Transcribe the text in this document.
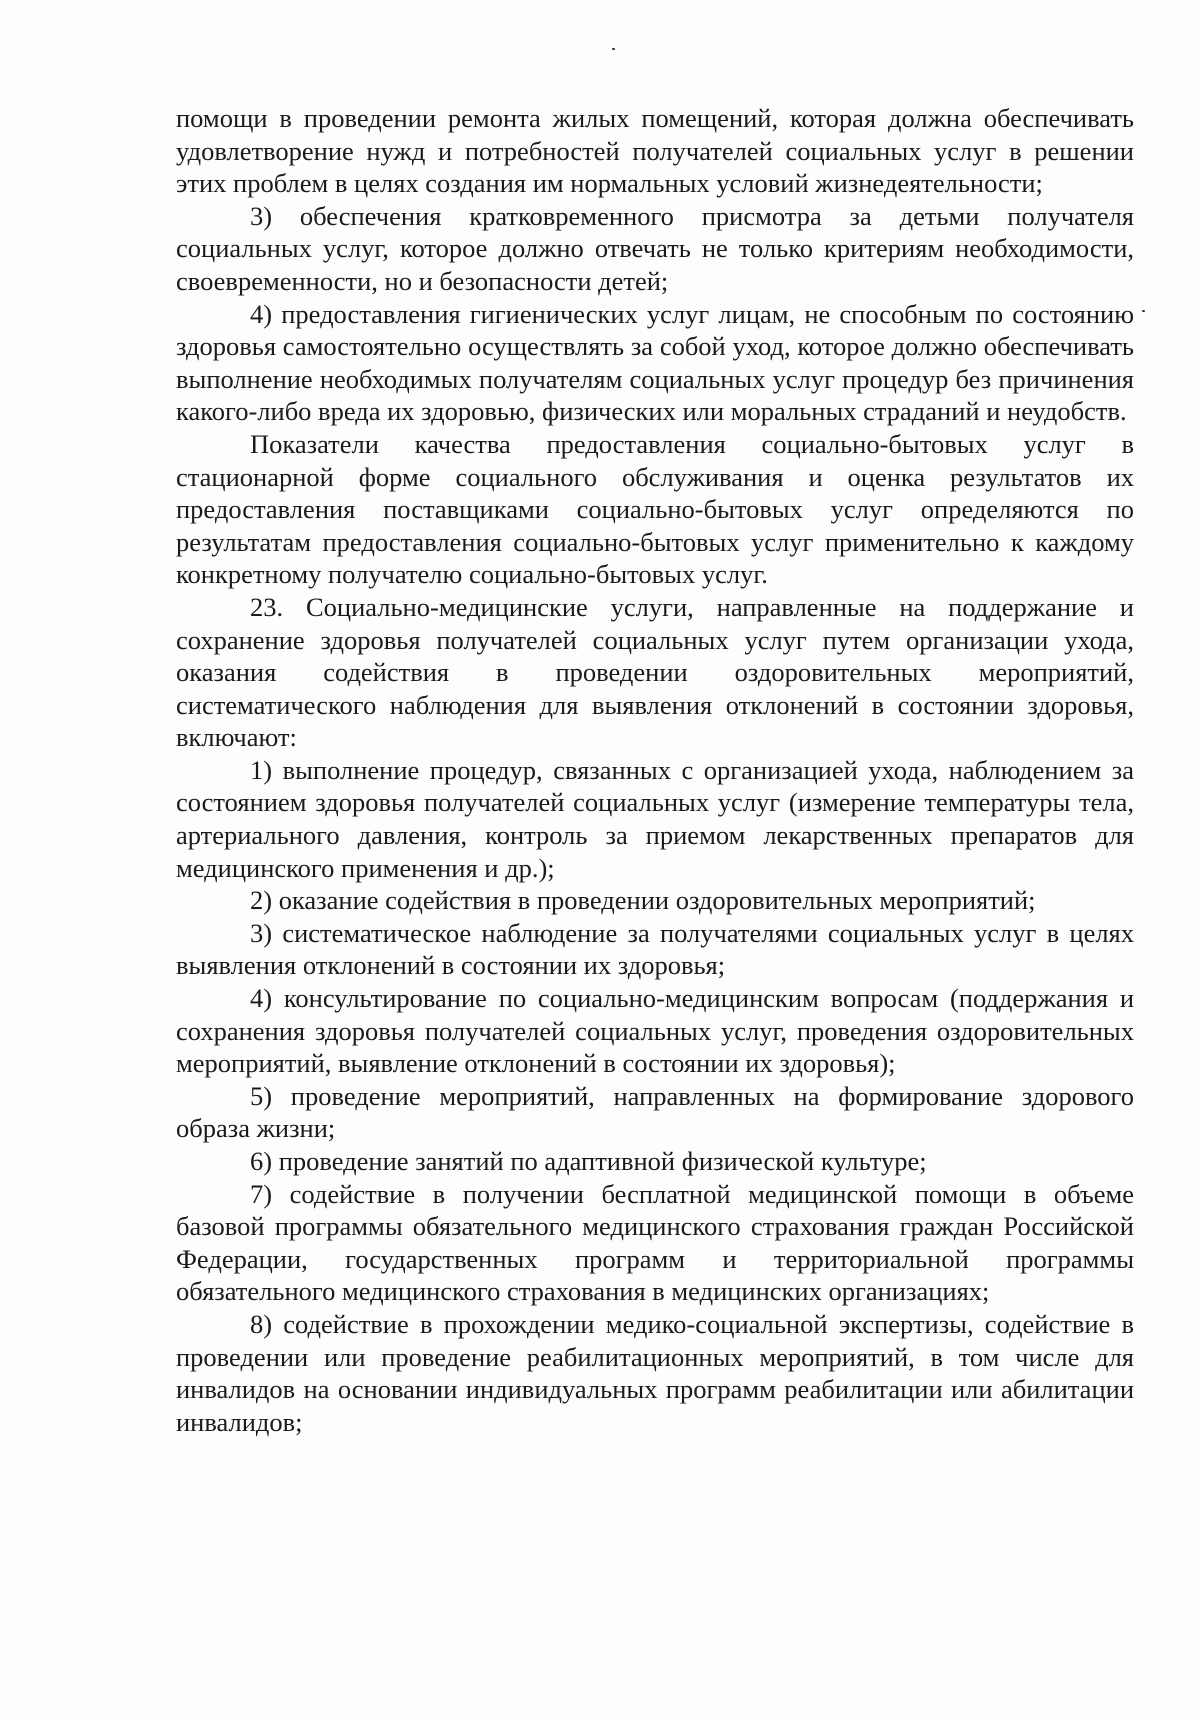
помощи в проведении ремонта жилых помещений, которая должна обеспечивать удовлетворение нужд и потребностей получателей социальных услуг в решении этих проблем в целях создания им нормальных условий жизнедеятельности;

3) обеспечения кратковременного присмотра за детьми получателя социальных услуг, которое должно отвечать не только критериям необходимости, своевременности, но и безопасности детей;

4) предоставления гигиенических услуг лицам, не способным по состоянию здоровья самостоятельно осуществлять за собой уход, которое должно обеспечивать выполнение необходимых получателям социальных услуг процедур без причинения какого-либо вреда их здоровью, физических или моральных страданий и неудобств.

Показатели качества предоставления социально-бытовых услуг в стационарной форме социального обслуживания и оценка результатов их предоставления поставщиками социально-бытовых услуг определяются по результатам предоставления социально-бытовых услуг применительно к каждому конкретному получателю социально-бытовых услуг.

23. Социально-медицинские услуги, направленные на поддержание и сохранение здоровья получателей социальных услуг путем организации ухода, оказания содействия в проведении оздоровительных мероприятий, систематического наблюдения для выявления отклонений в состоянии здоровья, включают:

1) выполнение процедур, связанных с организацией ухода, наблюдением за состоянием здоровья получателей социальных услуг (измерение температуры тела, артериального давления, контроль за приемом лекарственных препаратов для медицинского применения и др.);

2) оказание содействия в проведении оздоровительных мероприятий;

3) систематическое наблюдение за получателями социальных услуг в целях выявления отклонений в состоянии их здоровья;

4) консультирование по социально-медицинским вопросам (поддержания и сохранения здоровья получателей социальных услуг, проведения оздоровительных мероприятий, выявление отклонений в состоянии их здоровья);

5) проведение мероприятий, направленных на формирование здорового образа жизни;

6) проведение занятий по адаптивной физической культуре;

7) содействие в получении бесплатной медицинской помощи в объеме базовой программы обязательного медицинского страхования граждан Российской Федерации, государственных программ и территориальной программы обязательного медицинского страхования в медицинских организациях;

8) содействие в прохождении медико-социальной экспертизы, содействие в проведении или проведение реабилитационных мероприятий, в том числе для инвалидов на основании индивидуальных программ реабилитации или абилитации инвалидов;
